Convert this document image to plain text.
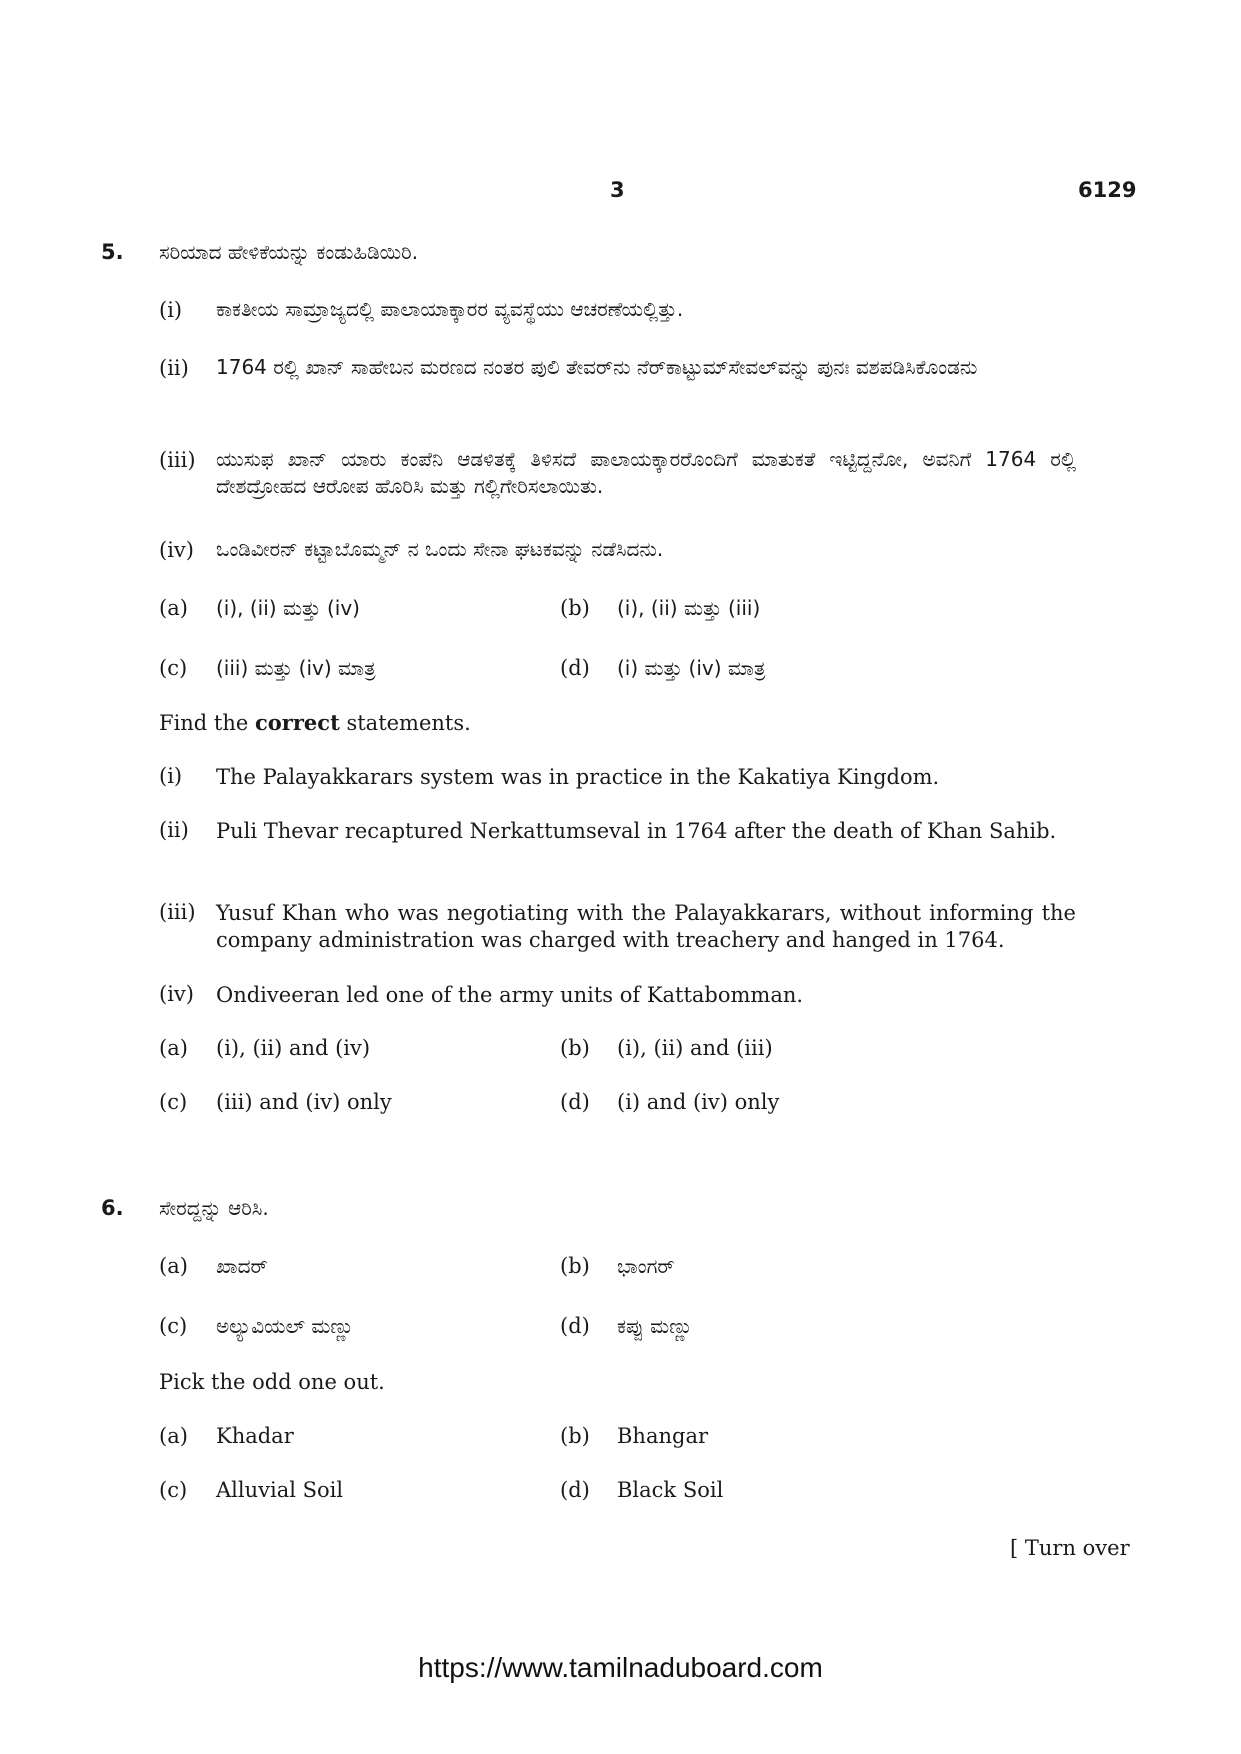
3	6129
5. ಸರಿಯಾದ ಹೇಳಿಕೆಯನ್ನು ಕಂಡುಹಿಡಿಯಿರಿ.
(i)	ಕಾಕತೀಯ ಸಾಮ್ರಾಜ್ಯದಲ್ಲಿ ಪಾಲಾಯಾಕ್ಕಾರರ ವ್ಯವಸ್ಥೆಯು ಆಚರಣೆಯಲ್ಲಿತ್ತು.
(ii)	1764 ರಲ್ಲಿ ಖಾನ್ ಸಾಹೇಬನ ಮರಣದ ನಂತರ ಪುಲಿ ತೇವರ್‌ನು ನೆರ್‌ಕಾಟ್ಟುಮ್‌ಸೇವಲ್‌ವನ್ನು ಪುನಃ ವಶಪಡಿಸಿಕೊಂಡನು
(iii)	ಯುಸುಫ ಖಾನ್ ಯಾರು ಕಂಪೆನಿ ಆಡಳಿತಕ್ಕೆ ತಿಳಿಸದೆ ಪಾಲಾಯಕ್ಕಾರರೊಂದಿಗೆ ಮಾತುಕತೆ ಇಟ್ಟಿದ್ದನೋ, ಅವನಿಗೆ 1764 ರಲ್ಲಿ ದೇಶದ್ರೋಹದ ಆರೋಪ ಹೊರಿಸಿ ಮತ್ತು ಗಲ್ಲಿಗೇರಿಸಲಾಯಿತು.
(iv)	ಒಂಡಿವೀರನ್ ಕಟ್ಟಾಬೊಮ್ಮನ್ ನ ಒಂದು ಸೇನಾ ಘಟಕವನ್ನು ನಡೆಸಿದನು.
(a) (i), (ii) ಮತ್ತು (iv)	(b) (i), (ii) ಮತ್ತು (iii)
(c) (iii) ಮತ್ತು (iv) ಮಾತ್ರ	(d) (i) ಮತ್ತು (iv) ಮಾತ್ರ
Find the correct statements.
(i)	The Palayakkarars system was in practice in the Kakatiya Kingdom.
(ii)	Puli Thevar recaptured Nerkattumseval in 1764 after the death of Khan Sahib.
(iii) Yusuf Khan who was negotiating with the Palayakkarars, without informing the company administration was charged with treachery and hanged in 1764.
(iv)	Ondiveeran led one of the army units of Kattabomman.
(a) (i), (ii) and (iv)	(b) (i), (ii) and (iii)
(c) (iii) and (iv) only	(d) (i) and (iv) only
6. ಸೇರದ್ದನ್ನು ಆರಿಸಿ.
(a) ಖಾದರ್	(b) ಭಾಂಗರ್
(c) ಅಲ್ಯುವಿಯಲ್ ಮಣ್ಣು	(d) ಕಪ್ಪು ಮಣ್ಣು
Pick the odd one out.
(a) Khadar	(b) Bhangar
(c) Alluvial Soil	(d) Black Soil
[ Turn over
https://www.tamilnaduboard.com
